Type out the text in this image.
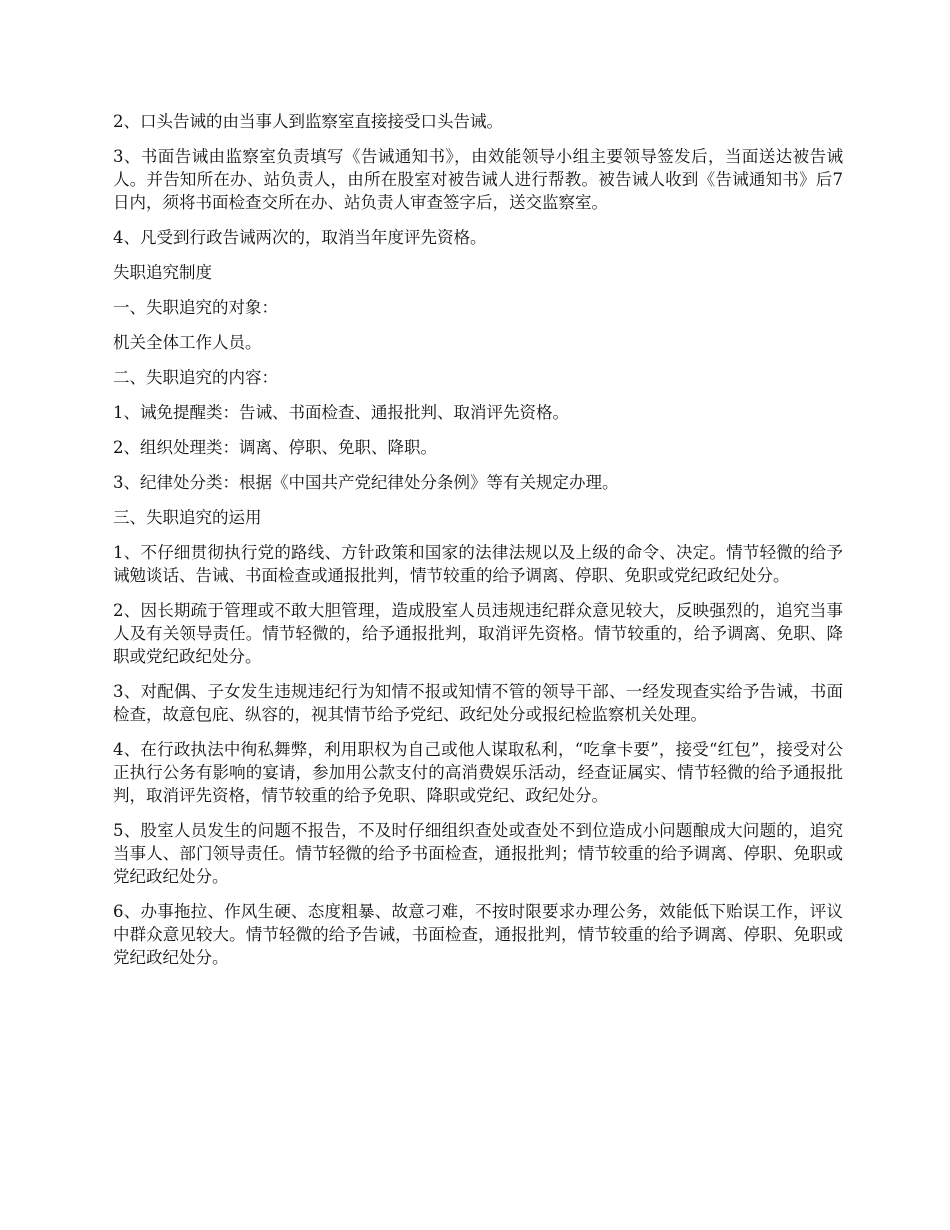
2、口头告诫的由当事人到监察室直接接受口头告诫。

3、书面告诫由监察室负责填写《告诫通知书》，由效能领导小组主要领导签发后，当面送达被告诫人。并告知所在办、站负责人，由所在股室对被告诫人进行帮教。被告诫人收到《告诫通知书》后7日内，须将书面检查交所在办、站负责人审查签字后，送交监察室。

4、凡受到行政告诫两次的，取消当年度评先资格。

失职追究制度

一、失职追究的对象：

机关全体工作人员。

二、失职追究的内容：

1、诫免提醒类：告诫、书面检查、通报批判、取消评先资格。

2、组织处理类：调离、停职、免职、降职。

3、纪律处分类：根据《中国共产党纪律处分条例》等有关规定办理。

三、失职追究的运用

1、不仔细贯彻执行党的路线、方针政策和国家的法律法规以及上级的命令、决定。情节轻微的给予诫勉谈话、告诫、书面检查或通报批判，情节较重的给予调离、停职、免职或党纪政纪处分。

2、因长期疏于管理或不敢大胆管理，造成股室人员违规违纪群众意见较大，反映强烈的，追究当事人及有关领导责任。情节轻微的，给予通报批判，取消评先资格。情节较重的，给予调离、免职、降职或党纪政纪处分。

3、对配偶、子女发生违规违纪行为知情不报或知情不管的领导干部、一经发现查实给予告诫，书面检查，故意包庇、纵容的，视其情节给予党纪、政纪处分或报纪检监察机关处理。

4、在行政执法中徇私舞弊，利用职权为自己或他人谋取私利，“吃拿卡要”，接受“红包”，接受对公正执行公务有影响的宴请，参加用公款支付的高消费娱乐活动，经查证属实、情节轻微的给予通报批判，取消评先资格，情节较重的给予免职、降职或党纪、政纪处分。

5、股室人员发生的问题不报告，不及时仔细组织查处或查处不到位造成小问题酿成大问题的，追究当事人、部门领导责任。情节轻微的给予书面检查，通报批判；情节较重的给予调离、停职、免职或党纪政纪处分。

6、办事拖拉、作风生硬、态度粗暴、故意刁难，不按时限要求办理公务，效能低下贻误工作，评议中群众意见较大。情节轻微的给予告诫，书面检查，通报批判，情节较重的给予调离、停职、免职或党纪政纪处分。
